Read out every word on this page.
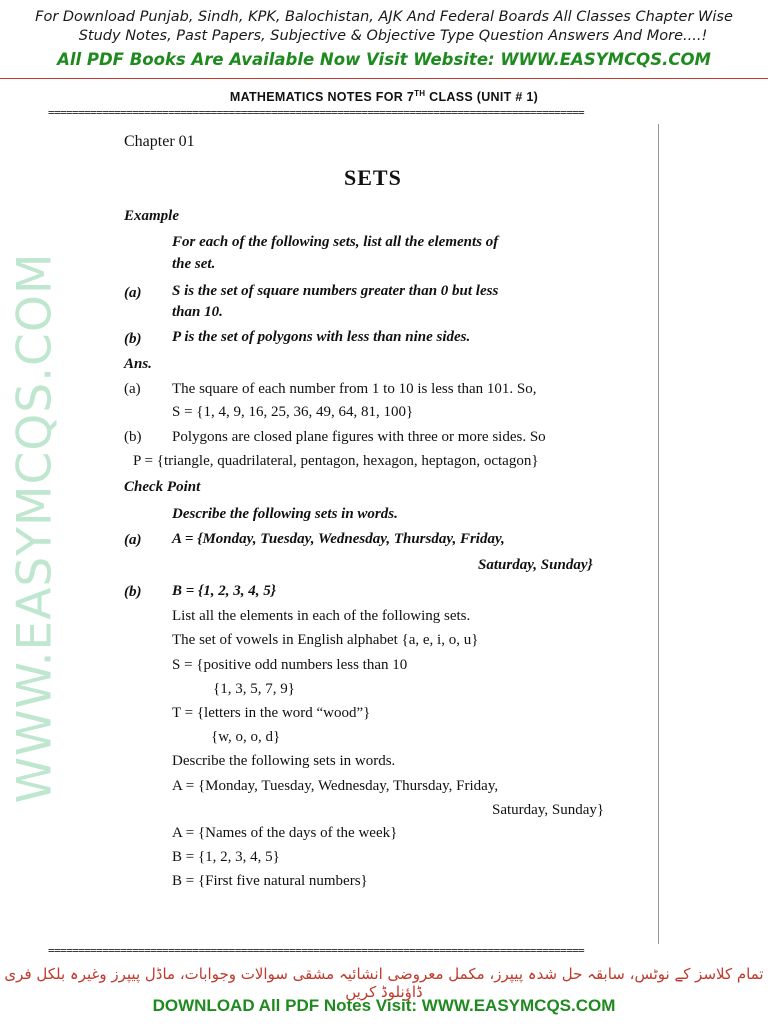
For Download Punjab, Sindh, KPK, Balochistan, AJK And Federal Boards All Classes Chapter Wise
Study Notes, Past Papers, Subjective & Objective Type Question Answers And More....!
All PDF Books Are Available Now Visit Website: WWW.EASYMCQS.COM
MATHEMATICS NOTES FOR 7TH CLASS (UNIT # 1)
=========================================================================================
WWW.EASYMCQS.COM
Chapter 01
SETS
Example
For each of the following sets, list all the elements of
the set.
(a) S is the set of square numbers greater than 0 but less
than 10.
(b) P is the set of polygons with less than nine sides.
Ans.
(a) The square of each number from 1 to 10 is less than 101. So,
S = {1, 4, 9, 16, 25, 36, 49, 64, 81, 100}
(b) Polygons are closed plane figures with three or more sides. So
P = {triangle, quadrilateral, pentagon, hexagon, heptagon, octagon}
Check Point
Describe the following sets in words.
(a) A = {Monday, Tuesday, Wednesday, Thursday, Friday,
Saturday, Sunday}
(b) B = {1, 2, 3, 4, 5}
List all the elements in each of the following sets.
The set of vowels in English alphabet {a, e, i, o, u}
S = {positive odd numbers less than 10
{1, 3, 5, 7, 9}
T = {letters in the word “wood”}
{w, o, o, d}
Describe the following sets in words.
A = {Monday, Tuesday, Wednesday, Thursday, Friday,
Saturday, Sunday}
A = {Names of the days of the week}
B = {1, 2, 3, 4, 5}
B = {First five natural numbers}
=========================================================================================
تمام کلاسز کے نوٹس، سابقہ حل شدہ پیپرز، مکمل معروضی انشائیہ مشقی سوالات وجوابات، ماڈل پیپرز وغیرہ بلکل فری ڈاؤنلوڈ کریں
DOWNLOAD All PDF Notes Visit: WWW.EASYMCQS.COM
